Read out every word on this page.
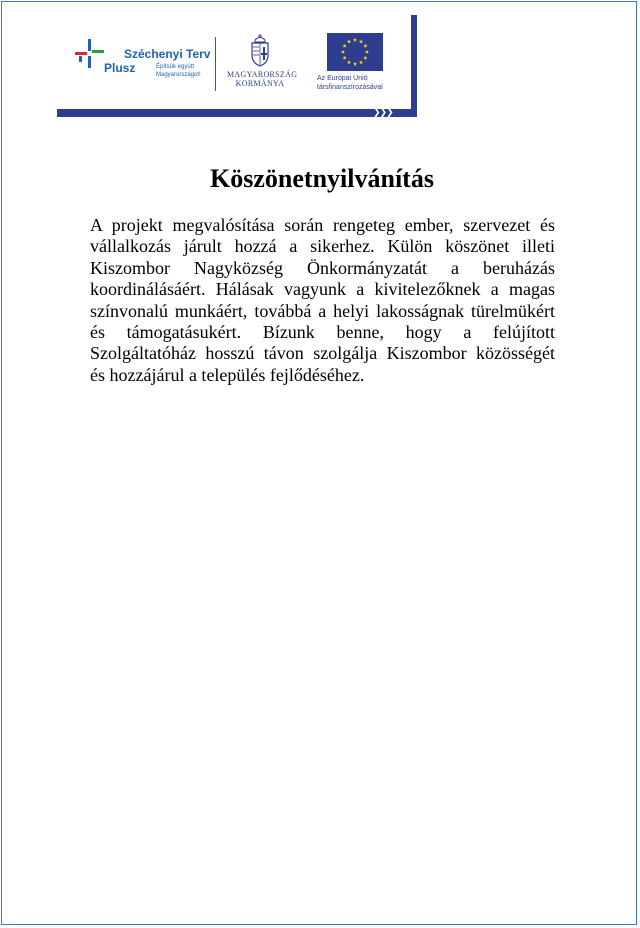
❯❯❯
Széchenyi Terv
Plusz	Építsük együtt
Magyarországot!	MAGYARORSZÁG
KORMÁNYA
Az Európai Unió
társfinanszírozásával
Köszönetnyilvánítás
A projekt megvalósítása során rengeteg ember, szervezet és
vállalkozás járult hozzá a sikerhez. Külön köszönet illeti
Kiszombor Nagyközség Önkormányzatát a beruházás
koordinálásáért. Hálásak vagyunk a kivitelezőknek a magas
színvonalú munkáért, továbbá a helyi lakosságnak türelmükért
és támogatásukért. Bízunk benne, hogy a felújított
Szolgáltatóház hosszú távon szolgálja Kiszombor közösségét
és hozzájárul a település fejlődéséhez.
